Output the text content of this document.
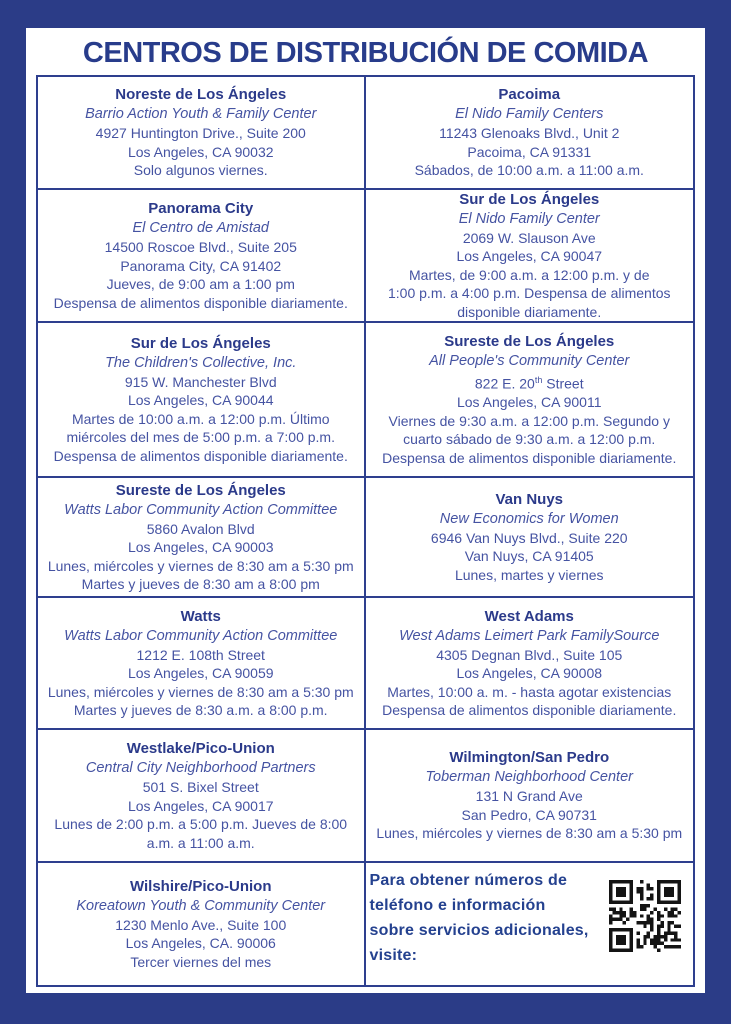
CENTROS DE DISTRIBUCIÓN DE COMIDA
Noreste de Los Ángeles
Barrio Action Youth & Family Center
4927 Huntington Drive., Suite 200
Los Angeles, CA 90032
Solo algunos viernes.
Pacoima
El Nido Family Centers
11243 Glenoaks Blvd., Unit 2
Pacoima, CA 91331
Sábados, de 10:00 a.m. a 11:00 a.m.
Panorama City
El Centro de Amistad
14500 Roscoe Blvd., Suite 205
Panorama City, CA 91402
Jueves, de 9:00 am a 1:00 pm
Despensa de alimentos disponible diariamente.
Sur de Los Ángeles
El Nido Family Center
2069 W. Slauson Ave
Los Angeles, CA 90047
Martes, de 9:00 a.m. a 12:00 p.m. y de
1:00 p.m. a 4:00 p.m. Despensa de alimentos
disponible diariamente.
Sur de Los Ángeles
The Children's Collective, Inc.
915 W. Manchester Blvd
Los Angeles, CA 90044
Martes de 10:00 a.m. a 12:00 p.m. Último
miércoles del mes de 5:00 p.m. a 7:00 p.m.
Despensa de alimentos disponible diariamente.
Sureste de Los Ángeles
All People's Community Center
822 E. 20th Street
Los Angeles, CA 90011
Viernes de 9:30 a.m. a 12:00 p.m. Segundo y
cuarto sábado de 9:30 a.m. a 12:00 p.m.
Despensa de alimentos disponible diariamente.
Sureste de Los Ángeles
Watts Labor Community Action Committee
5860 Avalon Blvd
Los Angeles, CA 90003
Lunes, miércoles y viernes de 8:30 am a 5:30 pm
Martes y jueves de 8:30 am a 8:00 pm
Van Nuys
New Economics for Women
6946 Van Nuys Blvd., Suite 220
Van Nuys, CA 91405
Lunes, martes y viernes
Watts
Watts Labor Community Action Committee
1212 E. 108th Street
Los Angeles, CA 90059
Lunes, miércoles y viernes de 8:30 am a 5:30 pm
Martes y jueves de 8:30 a.m. a 8:00 p.m.
West Adams
West Adams Leimert Park FamilySource
4305 Degnan Blvd., Suite 105
Los Angeles, CA 90008
Martes, 10:00 a. m. - hasta agotar existencias
Despensa de alimentos disponible diariamente.
Westlake/Pico-Union
Central City Neighborhood Partners
501 S. Bixel Street
Los Angeles, CA 90017
Lunes de 2:00 p.m. a 5:00 p.m. Jueves de 8:00
a.m. a 11:00 a.m.
Wilmington/San Pedro
Toberman Neighborhood Center
131 N Grand Ave
San Pedro, CA 90731
Lunes, miércoles y viernes de 8:30 am a 5:30 pm
Wilshire/Pico-Union
Koreatown Youth & Community Center
1230 Menlo Ave., Suite 100
Los Angeles, CA. 90006
Tercer viernes del mes
Para obtener números de
teléfono e información
sobre servicios adicionales,
visite:
